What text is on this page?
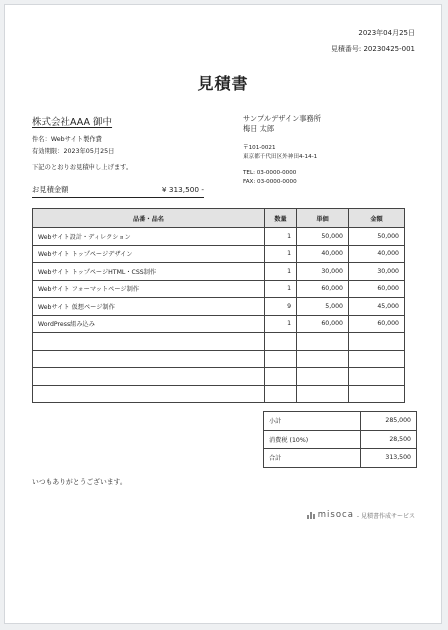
2023年04月25日
見積番号: 20230425-001
見積書
株式会社AAA 御中
件名：Webサイト製作費
有効期限：2023年05月25日
下記のとおりお見積申し上げます。
お見積金額	¥ 313,500 -
サンプルデザイン事務所
梅日 太郎
〒101-0021
東京都千代田区外神田4-14-1
TEL: 03-0000-0000
FAX: 03-0000-0000
品番・品名	数量	単価	金額
Webサイト設計・ディレクション	1	50,000	50,000
Webサイト トップページデザイン	1	40,000	40,000
Webサイト トップページHTML・CSS制作	1	30,000	30,000
Webサイト フォーマットページ制作	1	60,000	60,000
Webサイト 仮想ページ制作	9	5,000	45,000
WordPress組み込み	1	60,000	60,000

小計	285,000
消費税 (10%)	28,500
合計	313,500
いつもありがとうございます。
misoca - 見積書作成サービス
